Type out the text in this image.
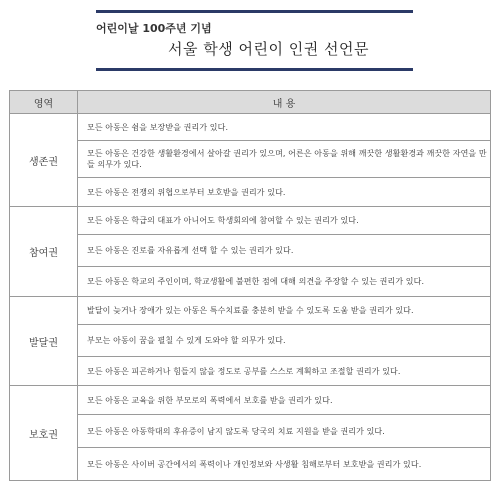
어린이날 100주년 기념
서울 학생 어린이 인권 선언문
영역	내 용
생존권	모든 아동은 쉼을 보장받을 권리가 있다.
	모든 아동은 건강한 생활환경에서 살아갈 권리가 있으며, 어른은 아동을 위해 깨끗한 생활환경과 깨끗한 자연을 만들 의무가 있다.
	모든 아동은 전쟁의 위협으로부터 보호받을 권리가 있다.
참여권	모든 아동은 학급의 대표가 아니어도 학생회의에 참여할 수 있는 권리가 있다.
	모든 아동은 진로를 자유롭게 선택 할 수 있는 권리가 있다.
	모든 아동은 학교의 주인이며, 학교생활에 불편한 점에 대해 의견을 주장할 수 있는 권리가 있다.
발달권	발달이 늦거나 장애가 있는 아동은 특수치료를 충분히 받을 수 있도록 도움 받을 권리가 있다.
	부모는 아동이 꿈을 펼칠 수 있게 도와야 할 의무가 있다.
	모든 아동은 피곤하거나 힘들지 않을 정도로 공부를 스스로 계획하고 조절할 권리가 있다.
보호권	모든 아동은 교육을 위한 부모로의 폭력에서 보호를 받을 권리가 있다.
	모든 아동은 아동학대의 후유증이 남지 않도록 당국의 치료 지원을 받을 권리가 있다.
	모든 아동은 사이버 공간에서의 폭력이나 개인정보와 사생활 침해로부터 보호받을 권리가 있다.
